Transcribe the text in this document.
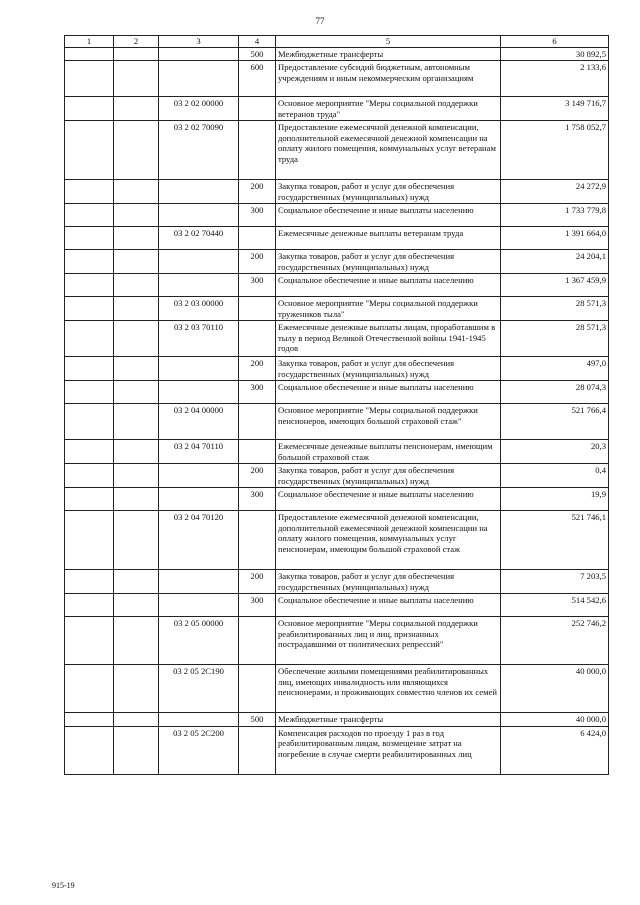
77
1	2	3	4	5	6
			500	Межбюджетные трансферты	30 892,5
			600	Предоставление субсидий бюджетным, автономным учреждениям и иным некоммерческим организациям	2 133,6
		03 2 02 00000		Основное мероприятие "Меры социальной поддержки ветеранов труда"	3 149 716,7
		03 2 02 70090		Предоставление ежемесячной денежной компенсации, дополнительной ежемесячной денежной компенсации на оплату жилого помещения, коммунальных услуг ветеранам труда	1 758 052,7
			200	Закупка товаров, работ и услуг для обеспечения государственных (муниципальных) нужд	24 272,9
			300	Социальное обеспечение и иные выплаты населению	1 733 779,8
		03 2 02 70440		Ежемесячные денежные выплаты ветеранам труда	1 391 664,0
			200	Закупка товаров, работ и услуг для обеспечения государственных (муниципальных) нужд	24 204,1
			300	Социальное обеспечение и иные выплаты населению	1 367 459,9
		03 2 03 00000		Основное мероприятие "Меры социальной поддержки тружеников тыла"	28 571,3
		03 2 03 70110		Ежемесячные денежные выплаты лицам, проработавшим в тылу в период Великой Отечественной войны 1941-1945 годов	28 571,3
			200	Закупка товаров, работ и услуг для обеспечения государственных (муниципальных) нужд	497,0
			300	Социальное обеспечение и иные выплаты населению	28 074,3
		03 2 04 00000		Основное мероприятие "Меры социальной поддержки пенсионеров, имеющих большой страховой стаж"	521 766,4
		03 2 04 70110		Ежемесячные денежные выплаты пенсионерам, имеющим большой страховой стаж	20,3
			200	Закупка товаров, работ и услуг для обеспечения государственных (муниципальных) нужд	0,4
			300	Социальное обеспечение и иные выплаты населению	19,9
		03 2 04 70120		Предоставление ежемесячной денежной компенсации, дополнительной ежемесячной денежной компенсации на оплату жилого помещения, коммунальных услуг пенсионерам, имеющим большой страховой стаж	521 746,1
			200	Закупка товаров, работ и услуг для обеспечения государственных (муниципальных) нужд	7 203,5
			300	Социальное обеспечение и иные выплаты населению	514 542,6
		03 2 05 00000		Основное мероприятие "Меры социальной поддержки реабилитированных лиц и лиц, признанных пострадавшими от политических репрессий"	252 746,2
		03 2 05 2С190		Обеспечение жилыми помещениями реабилитированных лиц, имеющих инвалидность или являющихся пенсионерами, и проживающих совместно членов их семей	40 000,0
			500	Межбюджетные трансферты	40 000,0
		03 2 05 2С200		Компенсация расходов по проезду 1 раз в год реабилитированным лицам, возмещение затрат на погребение в случае смерти реабилитированных лиц	6 424,0
915-19
